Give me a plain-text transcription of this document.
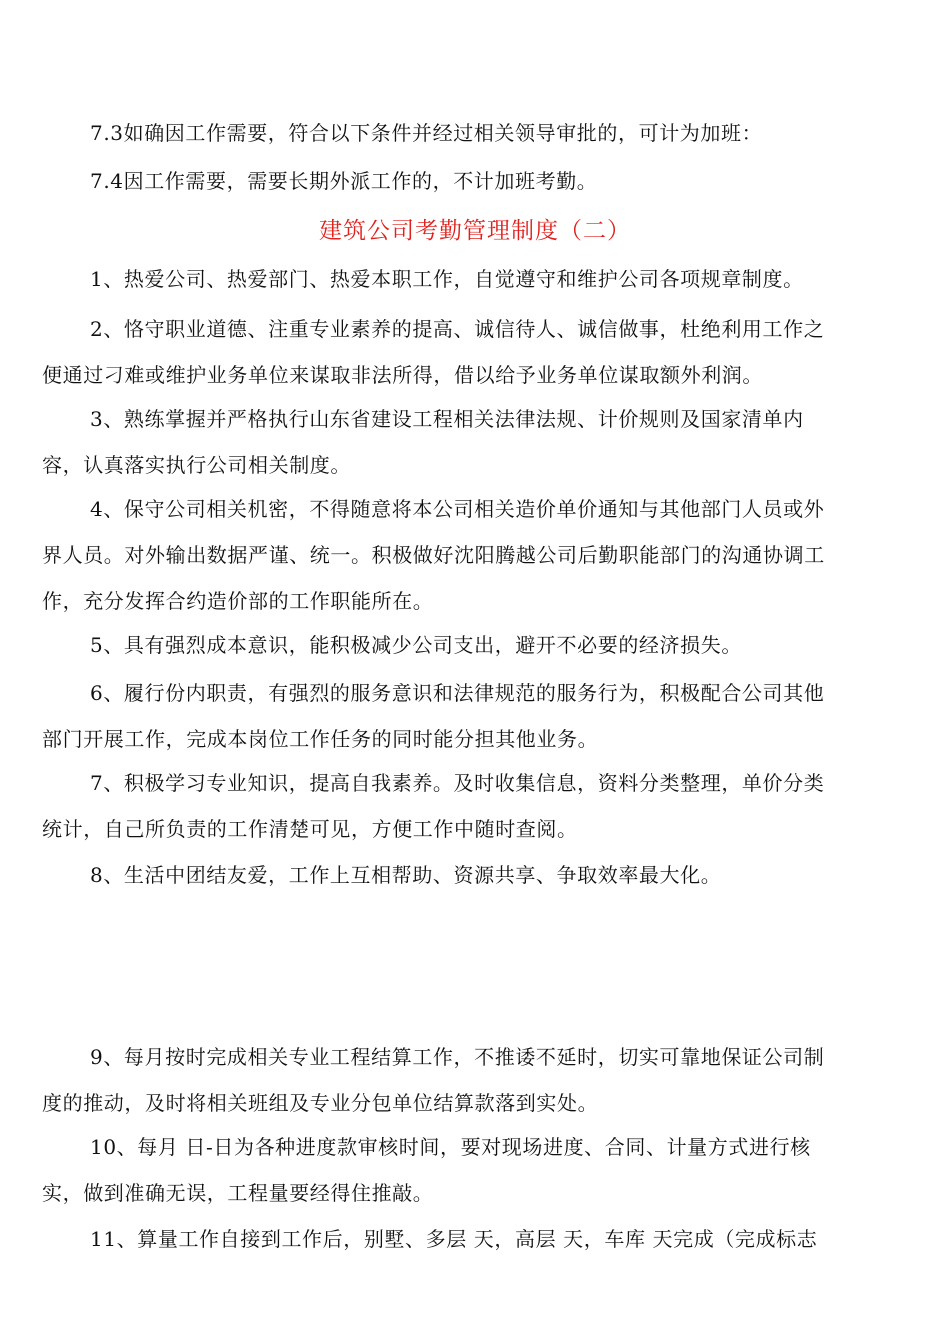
7.3如确因工作需要，符合以下条件并经过相关领导审批的，可计为加班：
7.4因工作需要，需要长期外派工作的，不计加班考勤。
建筑公司考勤管理制度（二）
1、热爱公司、热爱部门、热爱本职工作，自觉遵守和维护公司各项规章制度。
2、恪守职业道德、注重专业素养的提高、诚信待人、诚信做事，杜绝利用工作之
便通过刁难或维护业务单位来谋取非法所得，借以给予业务单位谋取额外利润。
3、熟练掌握并严格执行山东省建设工程相关法律法规、计价规则及国家清单内
容，认真落实执行公司相关制度。
4、保守公司相关机密，不得随意将本公司相关造价单价通知与其他部门人员或外
界人员。对外输出数据严谨、统一。积极做好沈阳腾越公司后勤职能部门的沟通协调工
作，充分发挥合约造价部的工作职能所在。
5、具有强烈成本意识，能积极减少公司支出，避开不必要的经济损失。
6、履行份内职责，有强烈的服务意识和法律规范的服务行为，积极配合公司其他
部门开展工作，完成本岗位工作任务的同时能分担其他业务。
7、积极学习专业知识，提高自我素养。及时收集信息，资料分类整理，单价分类
统计，自己所负责的工作清楚可见，方便工作中随时查阅。
8、生活中团结友爱，工作上互相帮助、资源共享、争取效率最大化。
9、每月按时完成相关专业工程结算工作，不推诿不延时，切实可靠地保证公司制
度的推动，及时将相关班组及专业分包单位结算款落到实处。
10、每月 日-日为各种进度款审核时间，要对现场进度、合同、计量方式进行核
实，做到准确无误，工程量要经得住推敲。
11、算量工作自接到工作后，别墅、多层 天，高层 天，车库 天完成（完成标志
